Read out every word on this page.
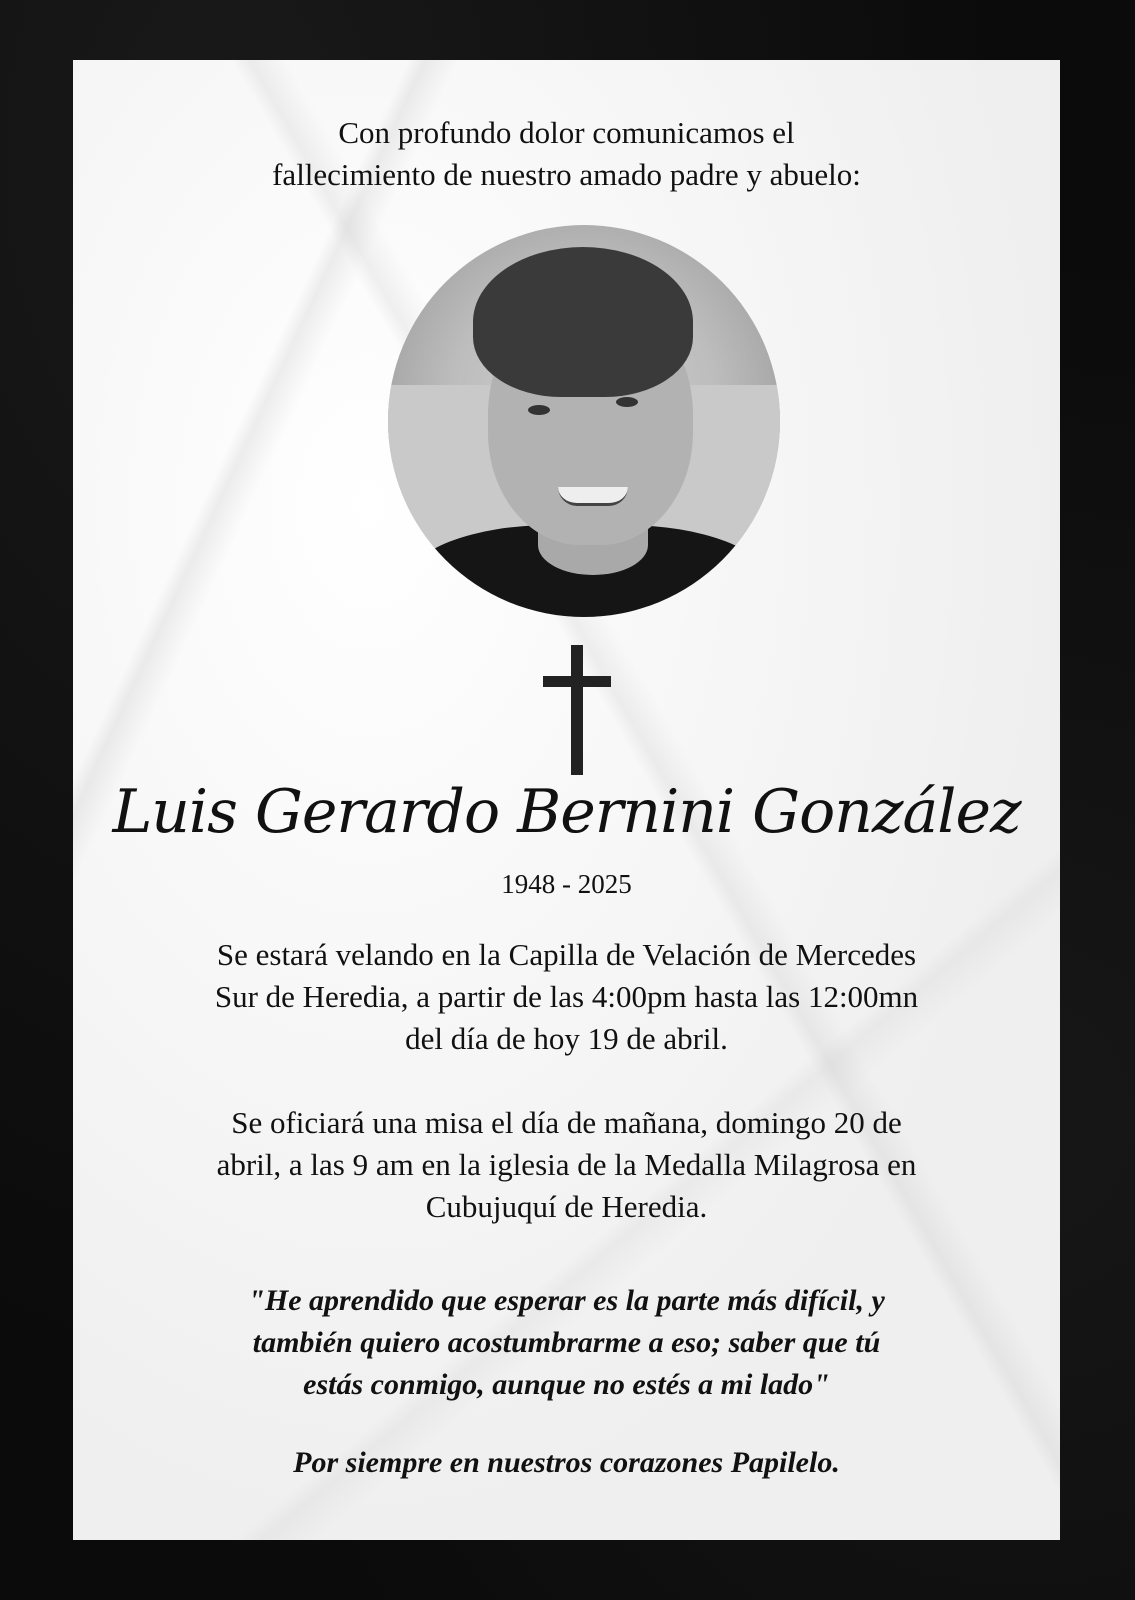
Con profundo dolor comunicamos el
fallecimiento de nuestro amado padre y abuelo:
Luis Gerardo Bernini González
1948 - 2025
Se estará velando en la Capilla de Velación de Mercedes
Sur de Heredia, a partir de las 4:00pm hasta las 12:00mn
del día de hoy 19 de abril.
Se oficiará una misa el día de mañana, domingo 20 de
abril, a las 9 am en la iglesia de la Medalla Milagrosa en
Cubujuquí de Heredia.
"He aprendido que esperar es la parte más difícil, y
también quiero acostumbrarme a eso; saber que tú
estás conmigo, aunque no estés a mi lado"
Por siempre en nuestros corazones Papilelo.
